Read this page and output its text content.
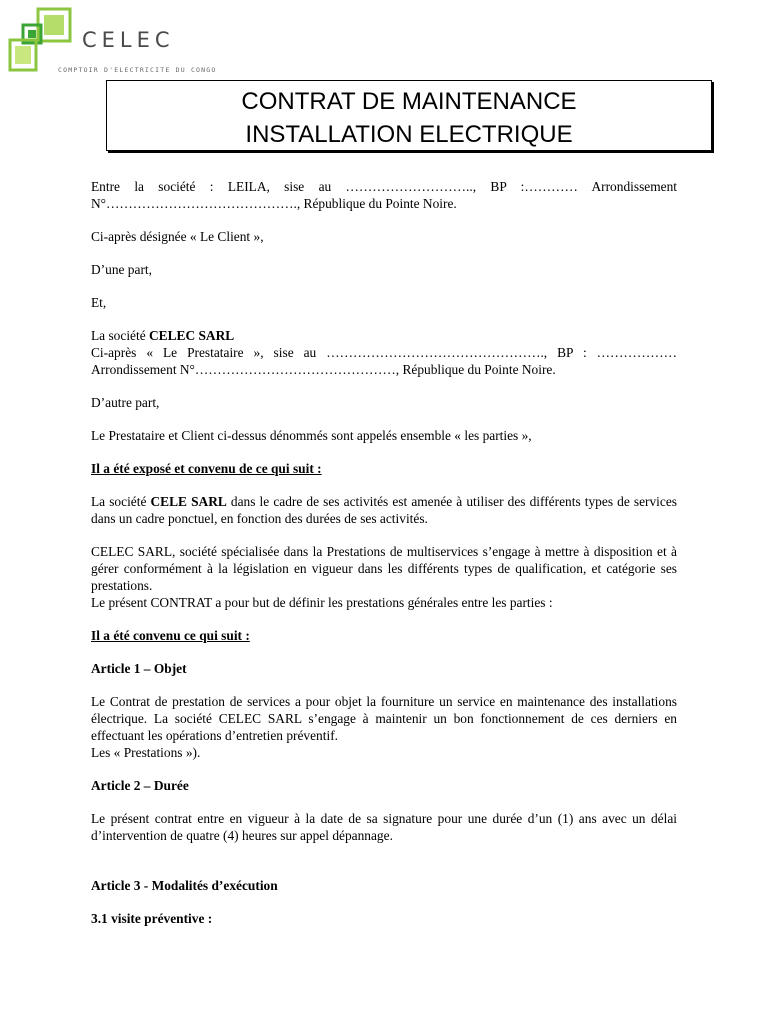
CELEC
COMPTOIR D'ELECTRICITE DU CONGO
CONTRAT DE MAINTENANCE
INSTALLATION ELECTRIQUE

Entre la société : LEILA, sise au ……………………….., BP :………… Arrondissement N°……………………………………., République du Pointe Noire.

Ci-après désignée « Le Client »,

D’une part,

Et,

La société CELEC SARL

Ci-après « Le Prestataire », sise au …………………………………………., BP : ……………… Arrondissement N°………………………………………, République du Pointe Noire.

D’autre part,

Le Prestataire et Client ci-dessus dénommés sont appelés ensemble « les parties »,

Il a été exposé et convenu de ce qui suit :

La société CELE SARL dans le cadre de ses activités est amenée à utiliser des différents types de services dans un cadre ponctuel, en fonction des durées de ses activités.

CELEC SARL, société spécialisée dans la Prestations de multiservices s’engage à mettre à disposition et à gérer conformément à la législation en vigueur dans les différents types de qualification, et catégorie ses prestations.

Le présent CONTRAT a pour but de définir les prestations générales entre les parties :

Il a été convenu ce qui suit :

Article 1 – Objet

Le Contrat de prestation de services a pour objet la fourniture un service en maintenance des installations électrique. La société CELEC SARL s’engage à maintenir un bon fonctionnement de ces derniers en effectuant les opérations d’entretien préventif.

Les « Prestations »).

Article 2 – Durée

Le présent contrat entre en vigueur à la date de sa signature pour une durée d’un (1) ans avec un délai d’intervention de quatre (4) heures sur appel dépannage.

Article 3 - Modalités d’exécution

3.1 visite préventive :
